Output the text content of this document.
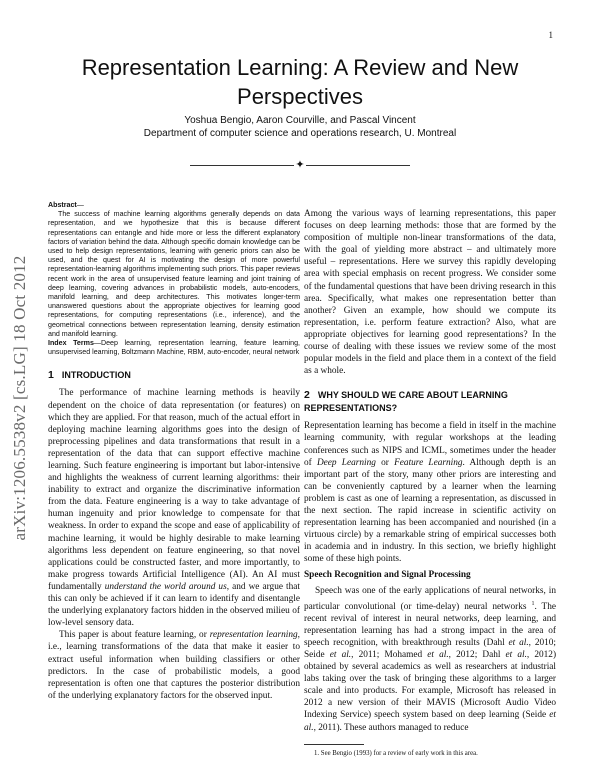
1
arXiv:1206.5538v2 [cs.LG] 18 Oct 2012
Representation Learning: A Review and New
Perspectives
Yoshua Bengio, Aaron Courville, and Pascal Vincent
Department of computer science and operations research, U. Montreal
✦

Abstract—

The success of machine learning algorithms generally depends on data representation, and we hypothesize that this is because different representations can entangle and hide more or less the different explanatory factors of variation behind the data. Although specific domain knowledge can be used to help design representations, learning with generic priors can also be used, and the quest for AI is motivating the design of more powerful representation-learning algorithms implementing such priors. This paper reviews recent work in the area of unsupervised feature learning and joint training of deep learning, covering advances in probabilistic models, auto-encoders, manifold learning, and deep architectures. This motivates longer-term unanswered questions about the appropriate objectives for learning good representations, for computing representations (i.e., inference), and the geometrical connections between representation learning, density estimation and manifold learning.

Index Terms—Deep learning, representation learning, feature learning, unsupervised learning, Boltzmann Machine, RBM, auto-encoder, neural network

1 INTRODUCTION

The performance of machine learning methods is heavily dependent on the choice of data representation (or features) on which they are applied. For that reason, much of the actual effort in deploying machine learning algorithms goes into the design of preprocessing pipelines and data transformations that result in a representation of the data that can support effective machine learning. Such feature engineering is important but labor-intensive and highlights the weakness of current learning algorithms: their inability to extract and organize the discriminative information from the data. Feature engineering is a way to take advantage of human ingenuity and prior knowledge to compensate for that weakness. In order to expand the scope and ease of applicability of machine learning, it would be highly desirable to make learning algorithms less dependent on feature engineering, so that novel applications could be constructed faster, and more importantly, to make progress towards Artificial Intelligence (AI). An AI must fundamentally understand the world around us, and we argue that this can only be achieved if it can learn to identify and disentangle the underlying explanatory factors hidden in the observed milieu of low-level sensory data.

This paper is about feature learning, or representation learning, i.e., learning transformations of the data that make it easier to extract useful information when building classifiers or other predictors. In the case of probabilistic models, a good representation is often one that captures the posterior distribution of the underlying explanatory factors for the observed input.

Among the various ways of learning representations, this paper focuses on deep learning methods: those that are formed by the composition of multiple non-linear transformations of the data, with the goal of yielding more abstract – and ultimately more useful – representations. Here we survey this rapidly developing area with special emphasis on recent progress. We consider some of the fundamental questions that have been driving research in this area. Specifically, what makes one representation better than another? Given an example, how should we compute its representation, i.e. perform feature extraction? Also, what are appropriate objectives for learning good representations? In the course of dealing with these issues we review some of the most popular models in the field and place them in a context of the field as a whole.

2 WHY SHOULD WE CARE ABOUT LEARNING REPRESENTATIONS?

Representation learning has become a field in itself in the machine learning community, with regular workshops at the leading conferences such as NIPS and ICML, sometimes under the header of Deep Learning or Feature Learning. Although depth is an important part of the story, many other priors are interesting and can be conveniently captured by a learner when the learning problem is cast as one of learning a representation, as discussed in the next section. The rapid increase in scientific activity on representation learning has been accompanied and nourished (in a virtuous circle) by a remarkable string of empirical successes both in academia and in industry. In this section, we briefly highlight some of these high points.

Speech Recognition and Signal Processing

Speech was one of the early applications of neural networks, in particular convolutional (or time-delay) neural networks $^1$. The recent revival of interest in neural networks, deep learning, and representation learning has had a strong impact in the area of speech recognition, with breakthrough results (Dahl et al., 2010; Seide et al., 2011; Mohamed et al., 2012; Dahl et al., 2012) obtained by several academics as well as researchers at industrial labs taking over the task of bringing these algorithms to a larger scale and into products. For example, Microsoft has released in 2012 a new version of their MAVIS (Microsoft Audio Video Indexing Service) speech system based on deep learning (Seide et al., 2011). These authors managed to reduce

1. See Bengio (1993) for a review of early work in this area.
